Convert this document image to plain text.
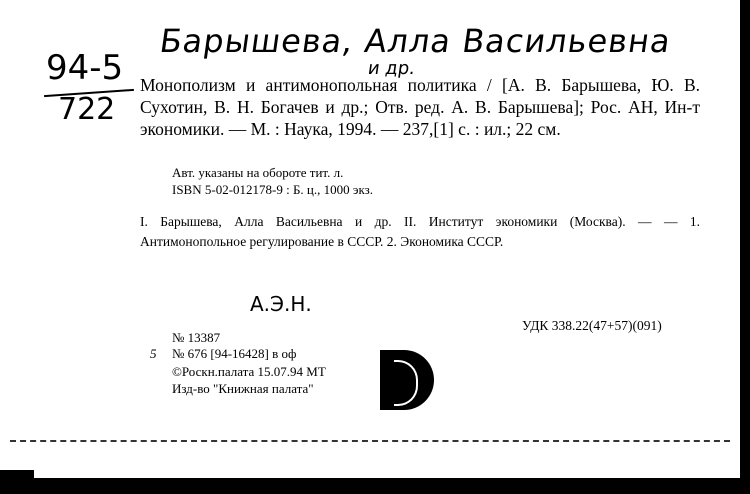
Барышева, Алла Васильевна
и др.
94-5
722
Монополизм и антимонопольная политика / [А. В. Барышева, Ю. В. Сухотин, В. Н. Богачев и др.; Отв. ред. А. В. Барышева]; Рос. АН, Ин-т экономики. — М. : Наука, 1994. — 237,[1] с. : ил.; 22 см.
Авт. указаны на обороте тит. л.
ISBN 5-02-012178-9 : Б. ц., 1000 экз.
I. Барышева, Алла Васильевна и др. II. Институт экономики (Москва). — — 1. Антимонопольное регулирование в СССР. 2. Экономика СССР.
А.Э.Н.
№ 13387
УДК 338.22(47+57)(091)
5 № 676 [94-16428] в оф
©Роскн.палата 15.07.94 МТ
Изд-во "Книжная палата"
